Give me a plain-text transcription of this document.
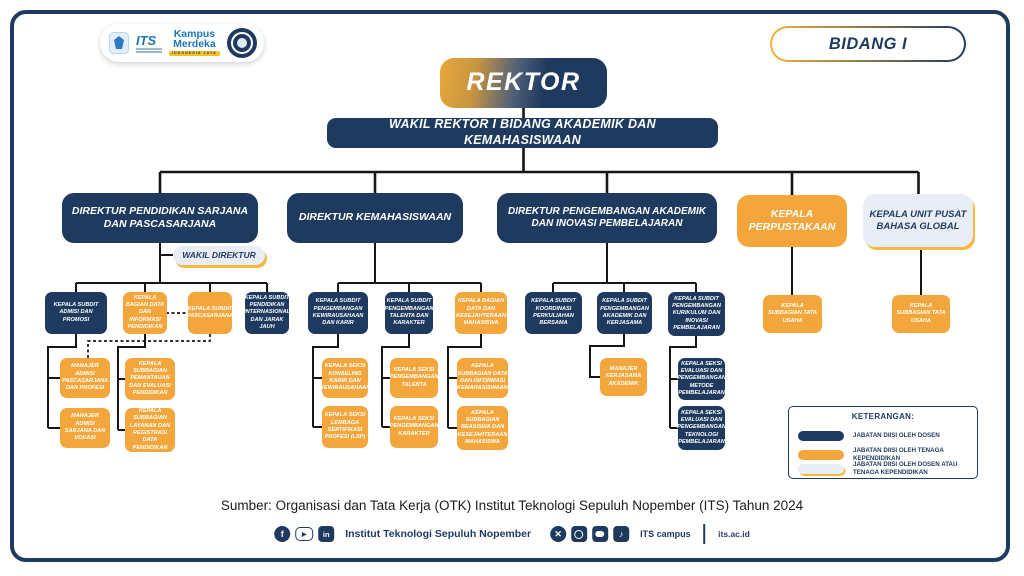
ITS	Kampus
Merdeka
INDONESIA JAYA
BIDANG I
REKTOR
WAKIL REKTOR I BIDANG AKADEMIK DAN KEMAHASISWAAN
DIREKTUR PENDIDIKAN SARJANA DAN PASCASARJANA
WAKIL DIREKTUR
DIREKTUR KEMAHASISWAAN
DIREKTUR PENGEMBANGAN AKADEMIK DAN INOVASI PEMBELAJARAN
KEPALA PERPUSTAKAAN
KEPALA UNIT PUSAT BAHASA GLOBAL
KEPALA SUBDIT ADMISI DAN PROMOSI
KEPALA BAGIAN DATA DAN INFORMASI PENDIDIKAN
KEPALA SUBDIT PASCASARJANA
KEPALA SUBDIT PENDIDIKAN INTERNASIONAL DAN JARAK JAUH
MANAJER ADMISI PASCASARJANA DAN PROFESI
MANAJER ADMISI SARJANA DAN VOKASI
KEPALA SUBBAGIAN PEMANTAUAN DAN EVALUASI PENDIDIKAN
KEPALA SUBBAGIAN LAYANAN DAN REGISTRASI DATA PENDIDIKAN
KEPALA SUBDIT PENGEMBANGAN KEWIRAUSAHAAN DAN KARIR
KEPALA SUBDIT PENGEMBANGAN TALENTA DAN KARAKTER
KEPALA BAGIAN DATA DAN KESEJAHTERAAN MAHASISWA
KEPALA SEKSI KONSELING KARIR DAN KEWIRAUSAHAAN
KEPALA SEKSI LEMBAGA SERTIFIKASI PROFESI (LSP)
KEPALA SEKSI PENGEMBANGAN TALENTA
KEPALA SEKSI PENGEMBANGAN KARAKTER
KEPALA SUBBAGIAN DATA DAN INFORMASI KEMAHASISWAAN
KEPALA SUBBAGIAN BEASISWA DAN KESEJAHTERAAN MAHASISWA
KEPALA SUBDIT KOORDINASI PERKULIAHAN BERSAMA
KEPALA SUBDIT PENGEMBANGAN AKADEMIK DAN KERJASAMA
KEPALA SUBDIT PENGEMBANGAN KURIKULUM DAN INOVASI PEMBELAJARAN
MANAJER KERJASAMA AKADEMIK
KEPALA SEKSI EVALUASI DAN PENGEMBANGAN METODE PEMBELAJARAN
KEPALA SEKSI EVALUASI DAN PENGEMBANGAN TEKNOLOGI PEMBELAJARAN
KEPALA SUBBAGIAN TATA USAHA
KEPALA SUBBAGIAN TATA USAHA
KETERANGAN:
JABATAN DIISI OLEH DOSEN
JABATAN DIISI OLEH TENAGA KEPENDIDIKAN
JABATAN DIISI OLEH DOSEN ATAU TENAGA KEPENDIDIKAN
Sumber: Organisasi dan Tata Kerja (OTK) Institut Teknologi Sepuluh Nopember (ITS) Tahun 2024
f	▶	in	Institut Teknologi Sepuluh Nopember	✕	♪	ITS campus	its.ac.id
